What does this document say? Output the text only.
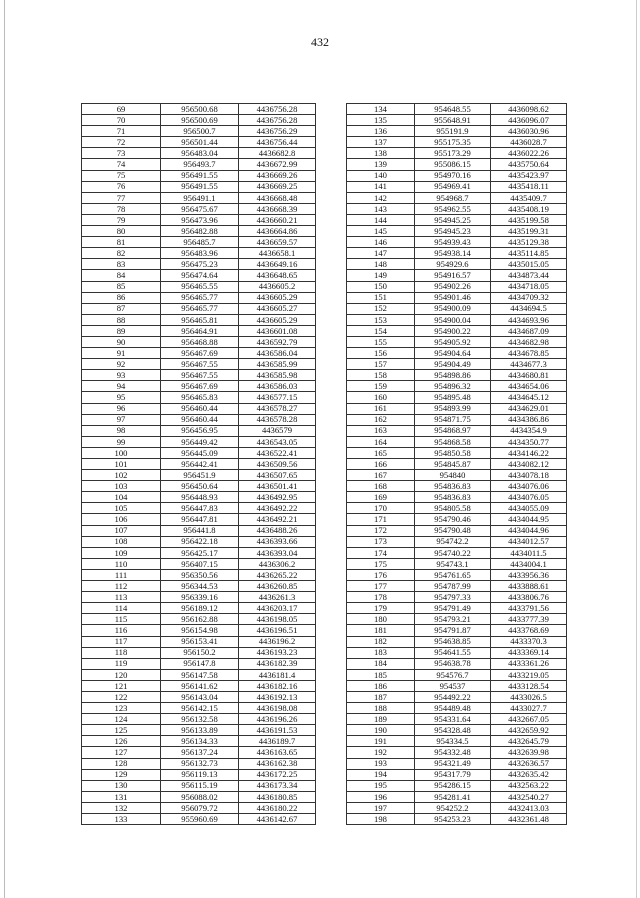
432
69	956500.68	4436756.28
70	956500.69	4436756.28
71	956500.7	4436756.29
72	956501.44	4436756.44
73	956483.04	4436682.8
74	956493.7	4436672.99
75	956491.55	4436669.26
76	956491.55	4436669.25
77	956491.1	4436668.48
78	956475.67	4436668.39
79	956473.96	4436660.21
80	956482.88	4436664.86
81	956485.7	4436659.57
82	956483.96	4436658.1
83	956475.23	4436649.16
84	956474.64	4436648.65
85	956465.55	4436605.2
86	956465.77	4436605.29
87	956465.77	4436605.27
88	956465.81	4436605.29
89	956464.91	4436601.08
90	956468.88	4436592.79
91	956467.69	4436586.04
92	956467.55	4436585.99
93	956467.55	4436585.98
94	956467.69	4436586.03
95	956465.83	4436577.15
96	956460.44	4436578.27
97	956460.44	4436578.28
98	956456.95	4436579
99	956449.42	4436543.05
100	956445.09	4436522.41
101	956442.41	4436509.56
102	956451.9	4436507.65
103	956450.64	4436501.41
104	956448.93	4436492.95
105	956447.83	4436492.22
106	956447.81	4436492.21
107	956441.8	4436488.26
108	956422.18	4436393.66
109	956425.17	4436393.04
110	956407.15	4436306.2
111	956350.56	4436265.22
112	956344.53	4436260.85
113	956339.16	4436261.3
114	956189.12	4436203.17
115	956162.88	4436198.05
116	956154.98	4436196.51
117	956153.41	4436196.2
118	956150.2	4436193.23
119	956147.8	4436182.39
120	956147.58	4436181.4
121	956141.62	4436182.16
122	956143.04	4436192.13
123	956142.15	4436198.08
124	956132.58	4436196.26
125	956133.89	4436191.53
126	956134.33	4436189.7
127	956137.24	4436163.65
128	956132.73	4436162.38
129	956119.13	4436172.25
130	956115.19	4436173.34
131	956088.02	4436180.85
132	956079.72	4436180.22
133	955960.69	4436142.67
134	954648.55	4436098.62
135	955648.91	4436096.07
136	955191.9	4436030.96
137	955175.35	4436028.7
138	955173.29	4436022.26
139	955086.15	4435750.64
140	954970.16	4435423.97
141	954969.41	4435418.11
142	954968.7	4435409.7
143	954962.55	4435408.19
144	954945.25	4435199.58
145	954945.23	4435199.31
146	954939.43	4435129.38
147	954938.14	4435114.85
148	954929.6	4435015.05
149	954916.57	4434873.44
150	954902.26	4434718.05
151	954901.46	4434709.32
152	954900.09	4434694.5
153	954900.04	4434693.96
154	954900.22	4434687.09
155	954905.92	4434682.98
156	954904.64	4434678.85
157	954904.49	4434677.3
158	954898.86	4434680.81
159	954896.32	4434654.06
160	954895.48	4434645.12
161	954893.99	4434629.01
162	954871.75	4434386.86
163	954868.97	4434354.9
164	954868.58	4434350.77
165	954850.58	4434146.22
166	954845.87	4434082.12
167	954840	4434078.18
168	954836.83	4434076.06
169	954836.83	4434076.05
170	954805.58	4434055.09
171	954790.46	4434044.95
172	954790.48	4434044.96
173	954742.2	4434012.57
174	954740.22	4434011.5
175	954743.1	4434004.1
176	954761.65	4433956.36
177	954787.99	4433888.61
178	954797.33	4433806.76
179	954791.49	4433791.56
180	954793.21	4433777.39
181	954791.87	4433768.69
182	954638.85	4433370.3
183	954641.55	4433369.14
184	954638.78	4433361.26
185	954576.7	4433219.05
186	954537	4433128.54
187	954492.22	4433026.5
188	954489.48	4433027.7
189	954331.64	4432667.05
190	954328.48	4432659.92
191	954334.5	4432645.79
192	954332.48	4432639.98
193	954321.49	4432636.57
194	954317.79	4432635.42
195	954286.15	4432563.22
196	954281.41	4432540.27
197	954252.2	4432413.03
198	954253.23	4432361.48
